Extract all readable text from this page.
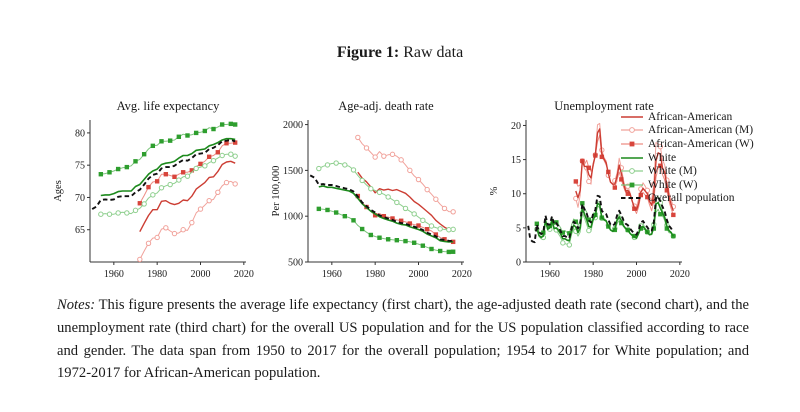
Figure 1: Raw data
Avg. life expectancy
Ages
65
70
75
80
1960 1980 2000 2020
Age-adj. death rate
Per 100,000
500
1000
1500
2000
1960 1980 2000 2020
Unemployment rate
%
0
5
10
15
20
1960 1980 2000 2020
African-American
African-American (M)
African-American (W)
White
White (M)
White (W)
Overall population

Notes: This figure presents the average life expectancy (first chart), the age-adjusted death rate (second chart), and the unemployment rate (third chart) for the overall US population and for the US population classified according to race and gender. The data span from 1950 to 2017 for the overall population; 1954 to 2017 for White population; and 1972-2017 for African-American population.
